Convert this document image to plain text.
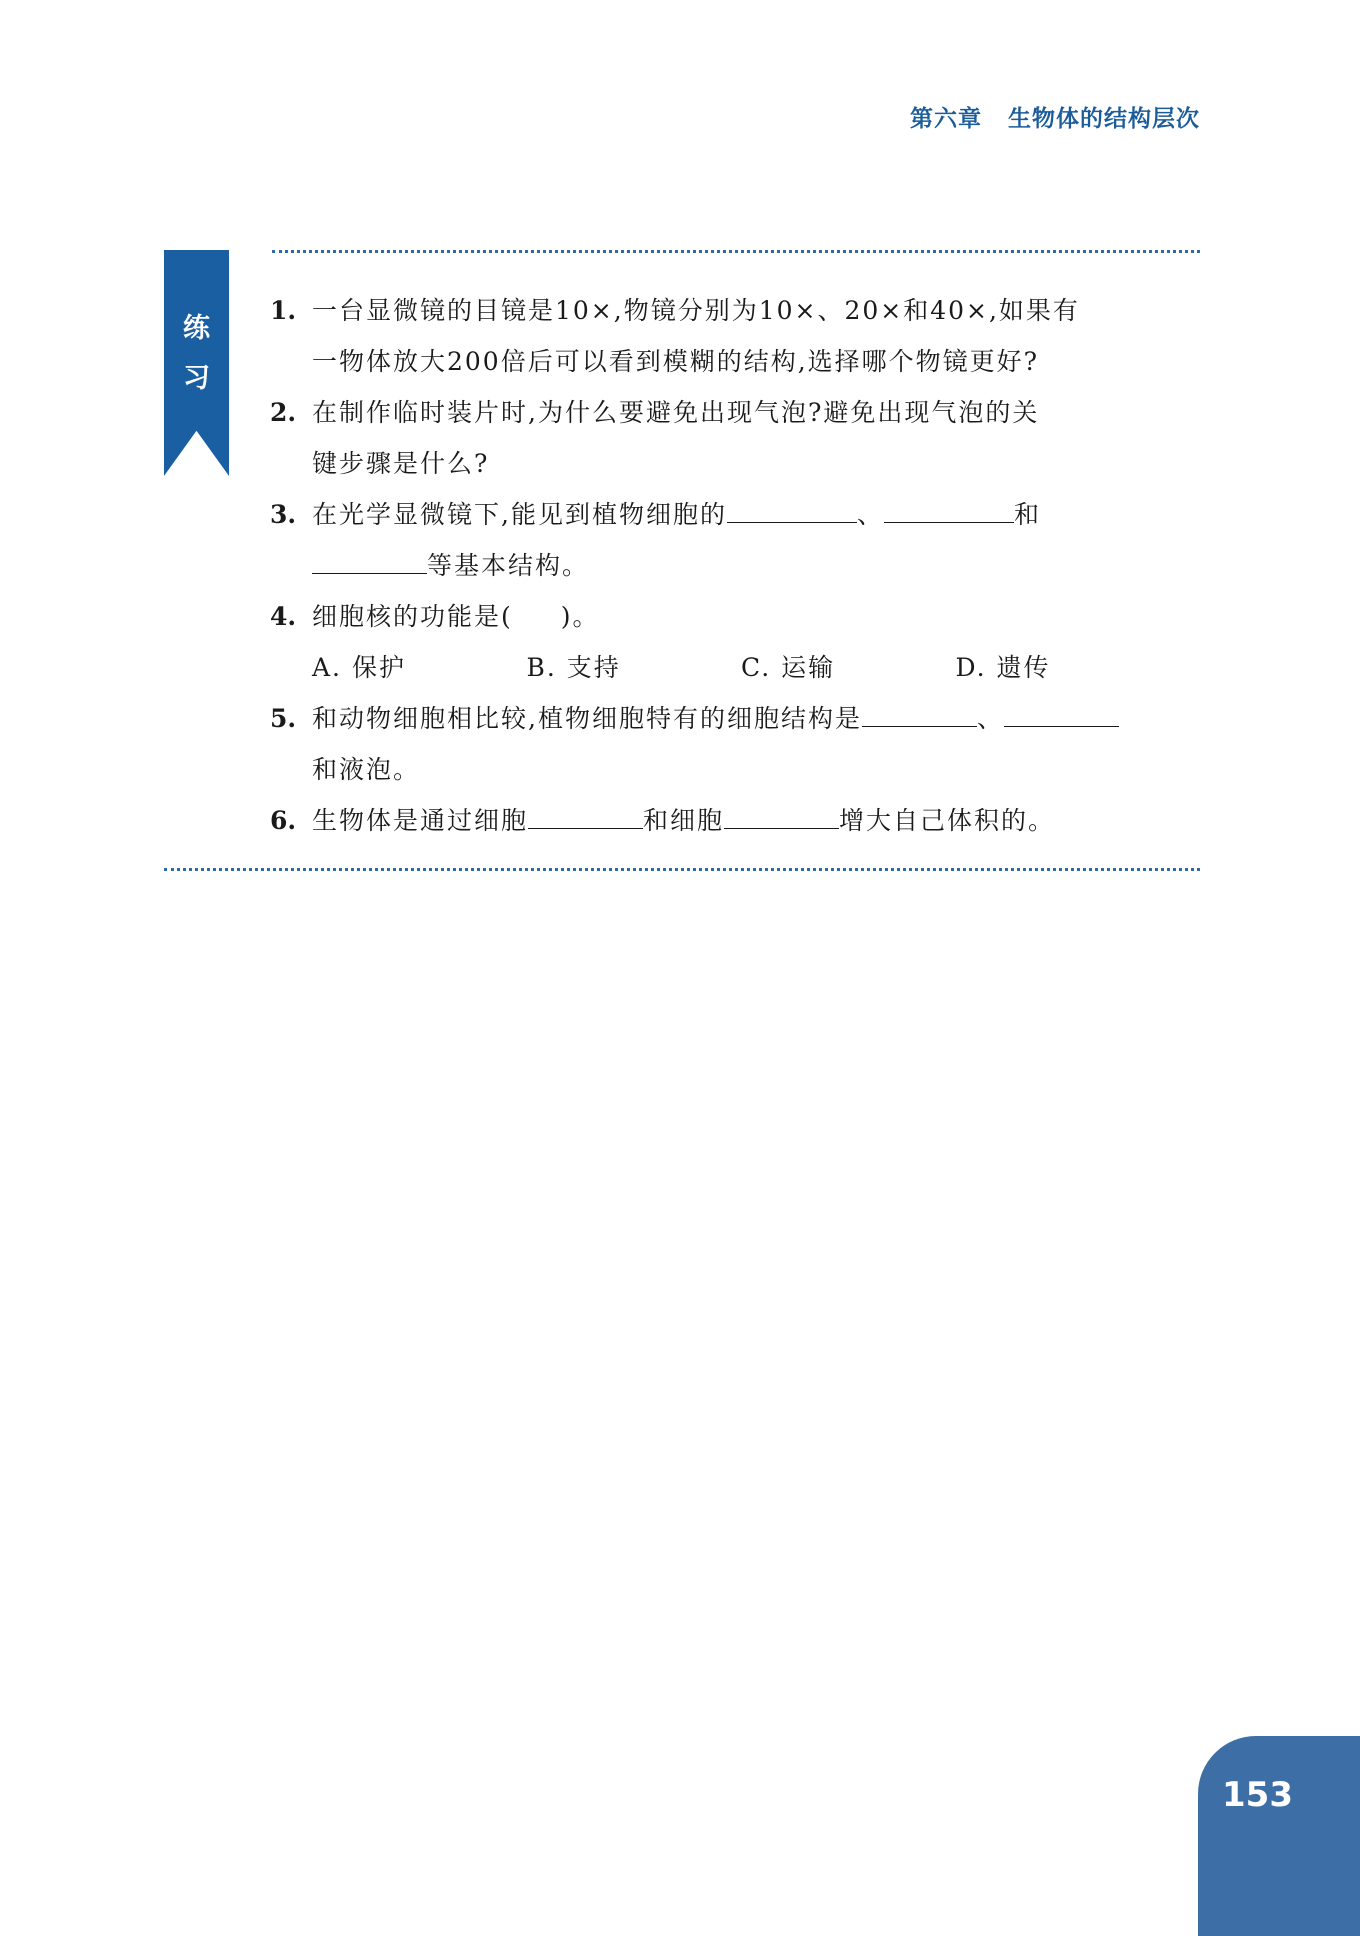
第六章 生物体的结构层次
练
习
1. 一台显微镜的目镜是10×,物镜分别为10×、20×和40×,如果有
一物体放大200倍后可以看到模糊的结构,选择哪个物镜更好?
2. 在制作临时装片时,为什么要避免出现气泡?避免出现气泡的关
键步骤是什么?
3. 在光学显微镜下,能见到植物细胞的	、	和
等基本结构。
4. 细胞核的功能是( )。
A. 保护	B. 支持	C. 运输	D. 遗传
5. 和动物细胞相比较,植物细胞特有的细胞结构是	、
和液泡。
6. 生物体是通过细胞	和细胞	增大自己体积的。
153
